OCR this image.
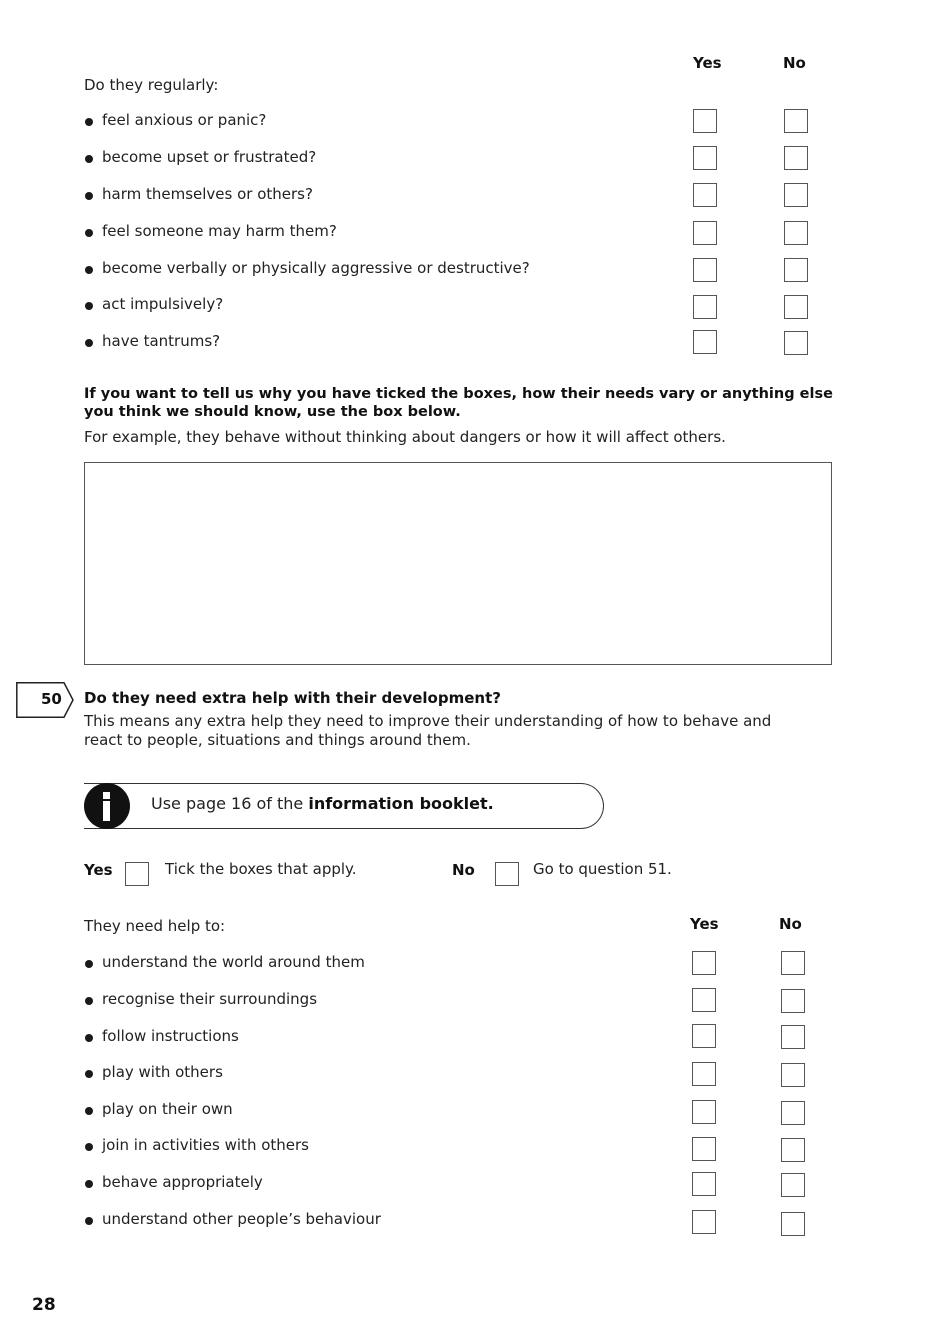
Yes	No
Do they regularly:
feel anxious or panic?
become upset or frustrated?
harm themselves or others?
feel someone may harm them?
become verbally or physically aggressive or destructive?
act impulsively?
have tantrums?
If you want to tell us why you have ticked the boxes, how their needs vary or anything else you think we should know, use the box below.
For example, they behave without thinking about dangers or how it will affect others.
50 Do they need extra help with their development?
This means any extra help they need to improve their understanding of how to behave and react to people, situations and things around them.
Use page 16 of the information booklet.
Yes	Tick the boxes that apply.	No	Go to question 51.
Yes	No
They need help to:
understand the world around them
recognise their surroundings
follow instructions
play with others
play on their own
join in activities with others
behave appropriately
understand other people’s behaviour
28
